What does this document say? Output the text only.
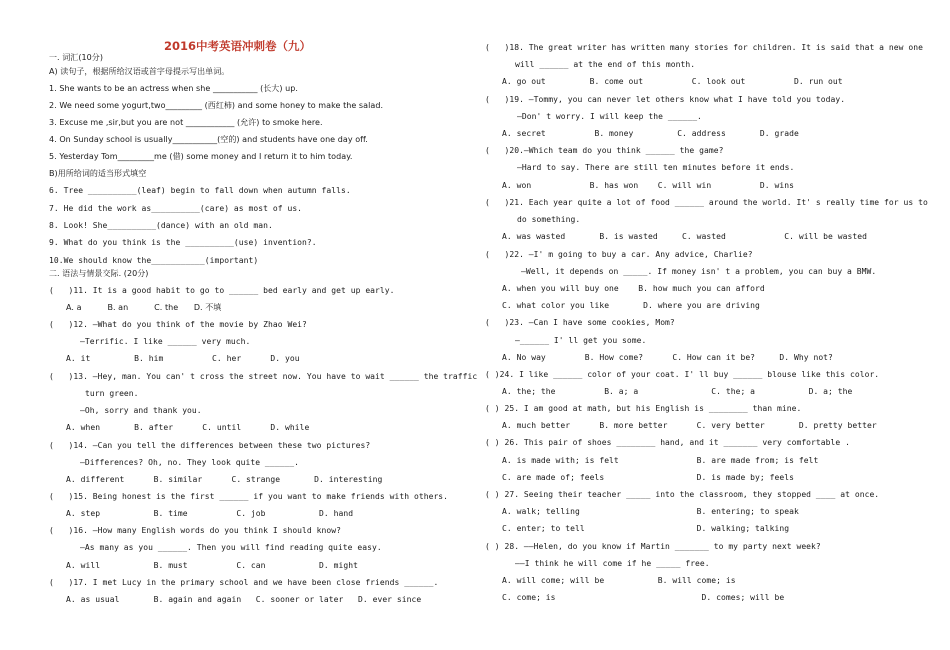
2016中考英语冲刺卷（九）
一. 词汇(10分)
A) 读句子，根据所给汉语或首字母提示写出单词。
1. She wants to be an actress when she ___________ (长大) up.
2. We need some yogurt,two_________ (西红柿) and some honey to make the salad.
3. Excuse me ,sir,but you are not ____________ (允许) to smoke here.
4. On Sunday school is usually___________(空的) and students have one day off.
5. Yesterday Tom_________me (借) some money and I return it to him today.
B)用所给词的适当形式填空
6. Tree __________(leaf) begin to fall down when autumn falls.
7. He did the work as__________(care) as most of us.
8. Look! She__________(dance) with an old man.
9. What do you think is the __________(use) invention?.
10.We should know the___________(important)
二. 语法与情景交际. (20分)
(   )11. It is a good habit to go to ______ bed early and get up early.
A. a          B. an          C. the      D. 不填
(   )12. —What do you think of the movie by Zhao Wei?
—Terrific. I like ______ very much.
A. it         B. him          C. her      D. you
(   )13. —Hey, man. You can' t cross the street now. You have to wait ______ the traffic
turn green.
—Oh, sorry and thank you.
A. when       B. after      C. until      D. while
(   )14. —Can you tell the differences between these two pictures?
—Differences? Oh, no. They look quite ______.
A. different      B. similar      C. strange       D. interesting
(   )15. Being honest is the first ______ if you want to make friends with others.
A. step           B. time          C. job           D. hand
(   )16. —How many English words do you think I should know?
—As many as you ______. Then you will find reading quite easy.
A. will           B. must          C. can           D. might
(   )17. I met Lucy in the primary school and we have been close friends ______.
A. as usual       B. again and again   C. sooner or later   D. ever since
(   )18. The great writer has written many stories for children. It is said that a new one
will ______ at the end of this month.
A. go out         B. come out          C. look out          D. run out
(   )19. —Tommy, you can never let others know what I have told you today.
—Don' t worry. I will keep the ______.
A. secret          B. money         C. address       D. grade
(   )20.—Which team do you think ______ the game?
—Hard to say. There are still ten minutes before it ends.
A. won            B. has won    C. will win          D. wins
(   )21. Each year quite a lot of food ______ around the world. It' s really time for us to
do something.
A. was wasted       B. is wasted     C. wasted            C. will be wasted
(   )22. —I' m going to buy a car. Any advice, Charlie?
—Well, it depends on _____. If money isn' t a problem, you can buy a BMW.
A. when you will buy one    B. how much you can afford
C. what color you like       D. where you are driving
(   )23. —Can I have some cookies, Mom?
—______ I' ll get you some.
A. No way        B. How come?      C. How can it be?     D. Why not?
( )24. I like ______ color of your coat. I' ll buy ______ blouse like this color.
A. the; the          B. a; a               C. the; a           D. a; the
( ) 25. I am good at math, but his English is ________ than mine.
A. much better      B. more better      C. very better       D. pretty better
( ) 26. This pair of shoes ________ hand, and it _______ very comfortable .
A. is made with; is felt                B. are made from; is felt
C. are made of; feels                   D. is made by; feels
( ) 27. Seeing their teacher _____ into the classroom, they stopped ____ at once.
A. walk; telling                        B. entering; to speak
C. enter; to tell                       D. walking; talking
( ) 28. ——Helen, do you know if Martin _______ to my party next week?
——I think he will come if he _____ free.
A. will come; will be           B. will come; is
C. come; is                              D. comes; will be
